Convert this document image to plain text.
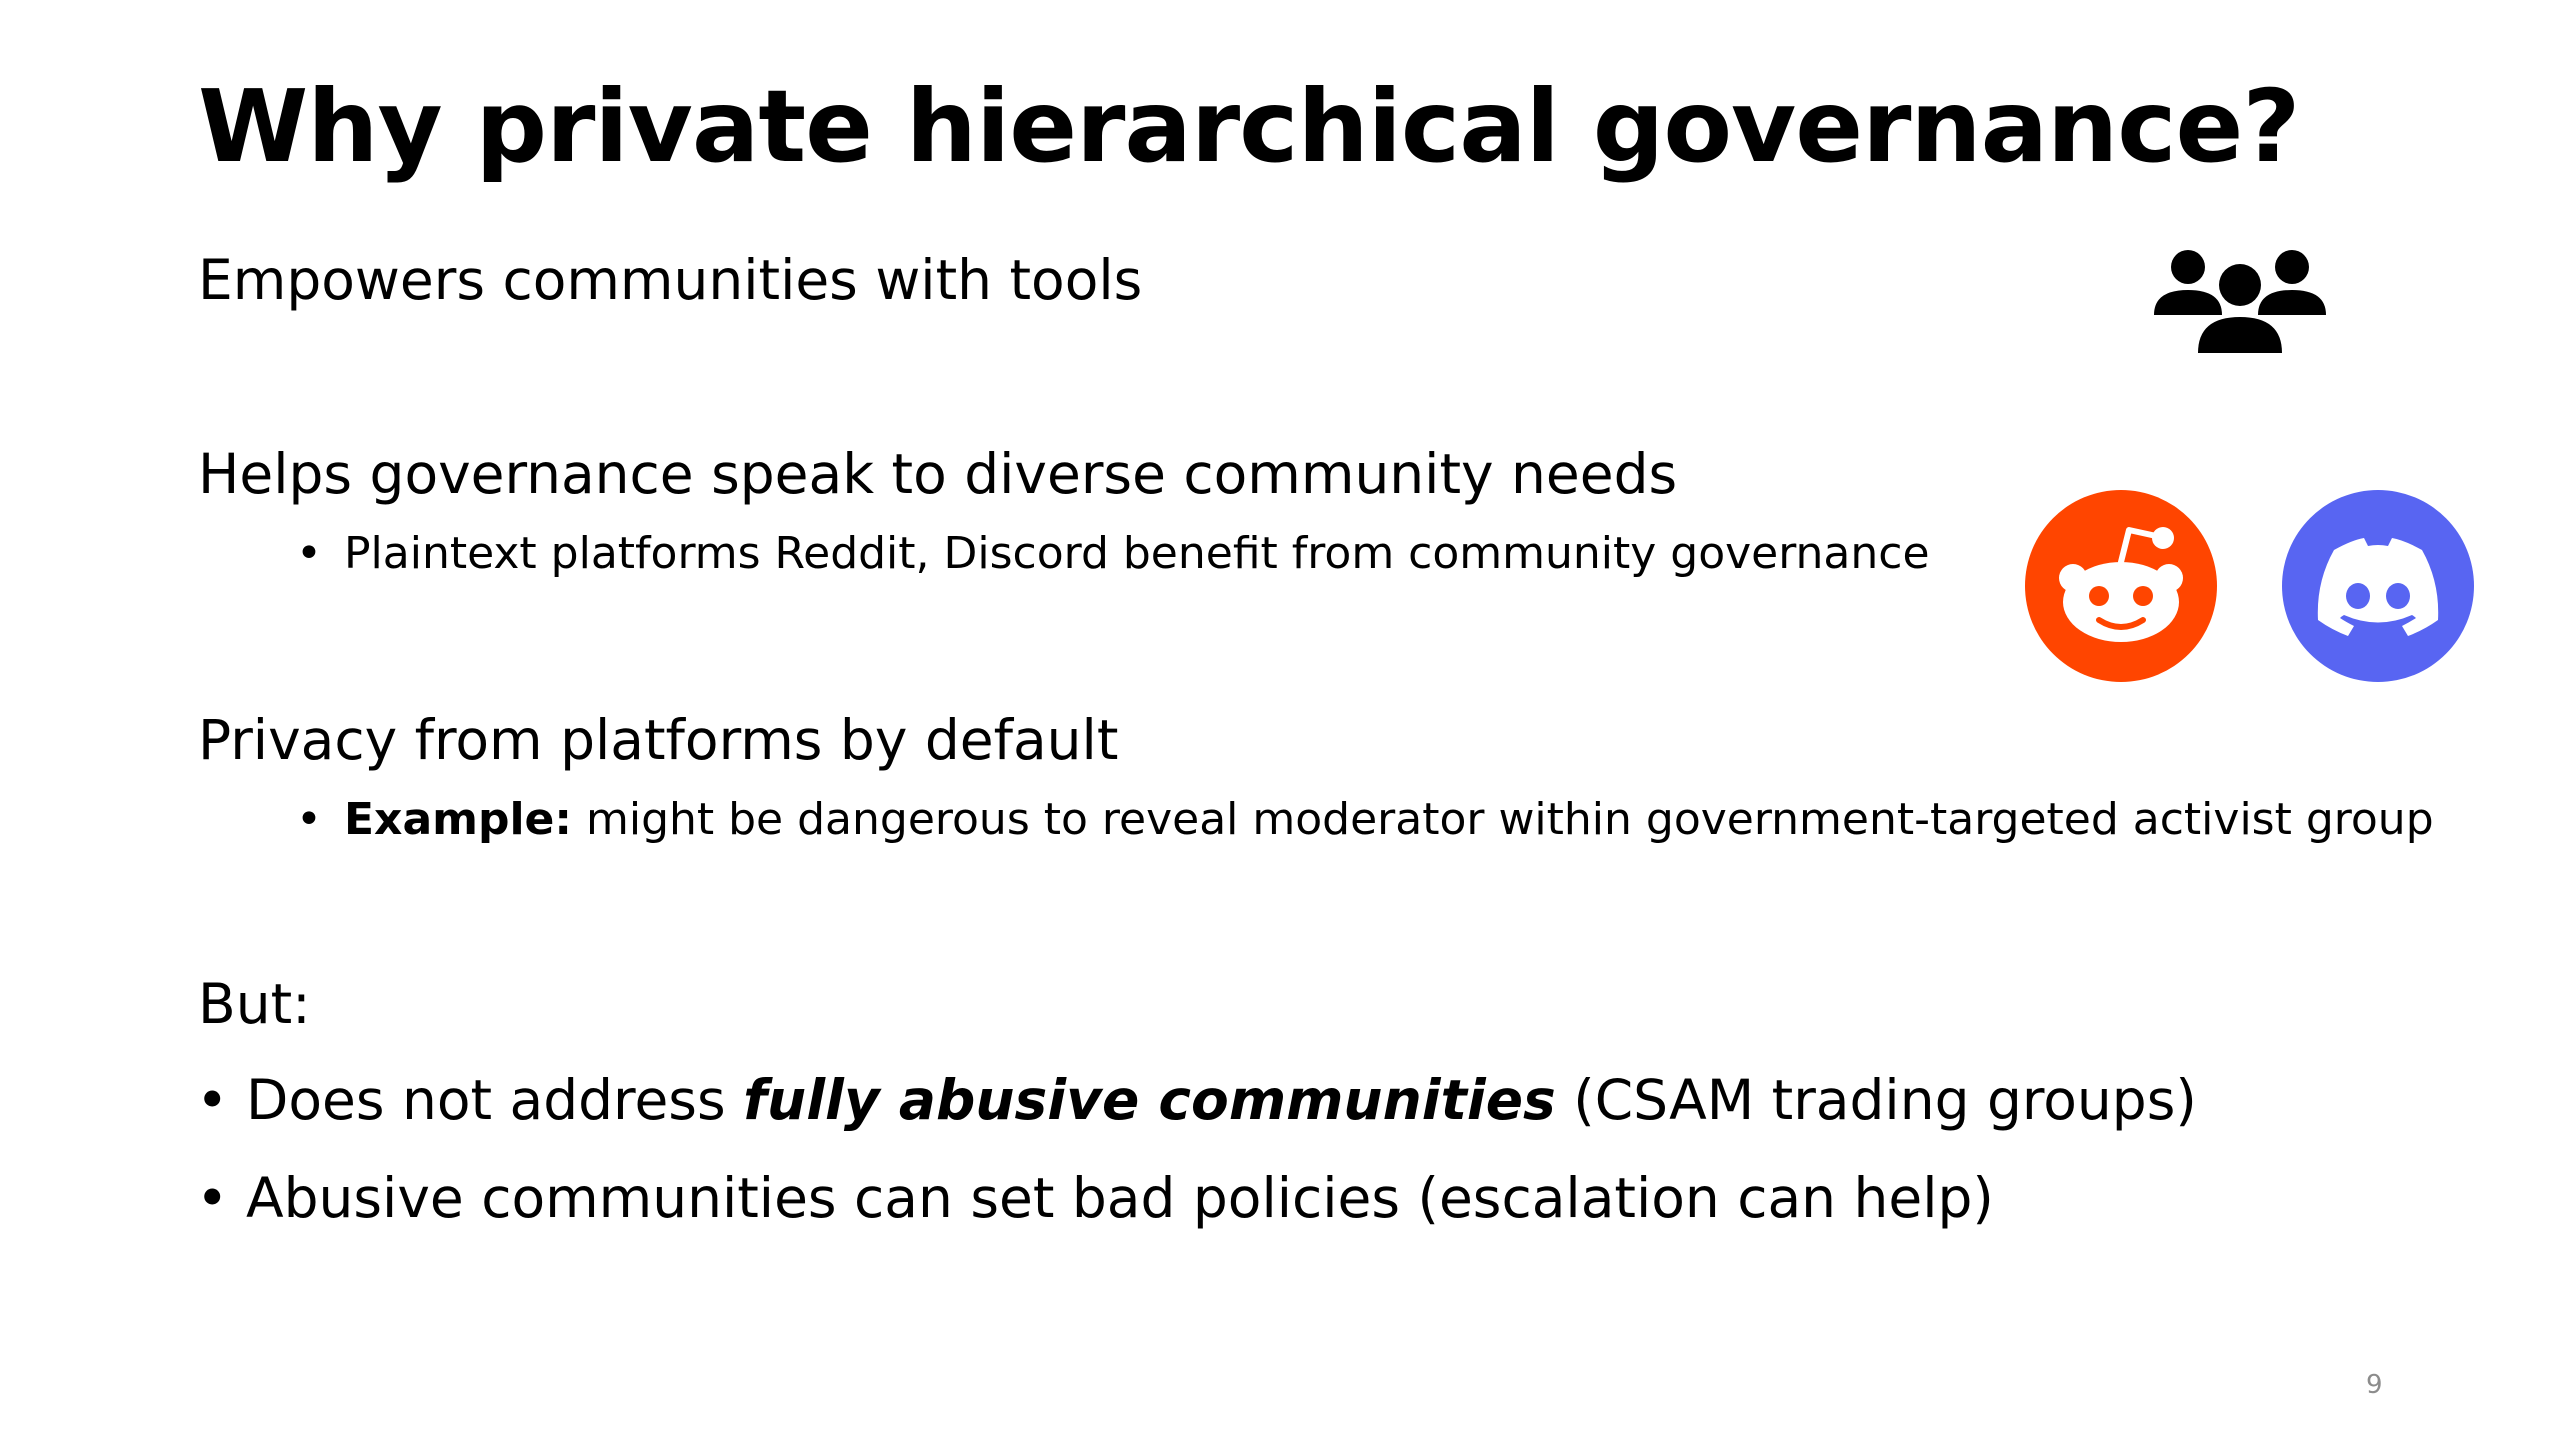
Why private hierarchical governance?
Empowers communities with tools
Helps governance speak to diverse community needs
• Plaintext platforms Reddit, Discord benefit from community governance
Privacy from platforms by default
• Example: might be dangerous to reveal moderator within government-targeted activist group
But:
• Does not address fully abusive communities (CSAM trading groups)
• Abusive communities can set bad policies (escalation can help)
9
